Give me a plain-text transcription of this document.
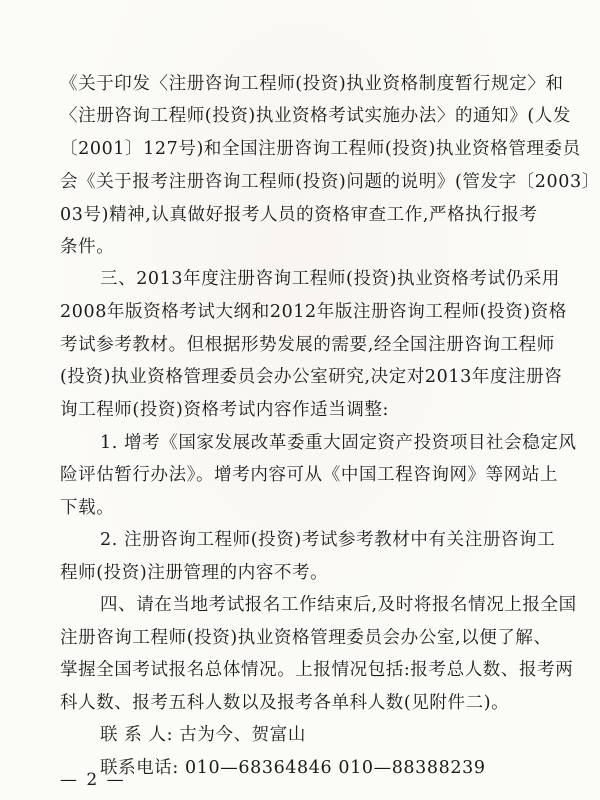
《关于印发〈注册咨询工程师(投资)执业资格制度暂行规定〉和
〈注册咨询工程师(投资)执业资格考试实施办法〉的通知》(人发
〔2001〕127号)和全国注册咨询工程师(投资)执业资格管理委员
会《关于报考注册咨询工程师(投资)问题的说明》(管发字〔2003〕
03号)精神,认真做好报考人员的资格审查工作,严格执行报考
条件。
三、2013年度注册咨询工程师(投资)执业资格考试仍采用
2008年版资格考试大纲和2012年版注册咨询工程师(投资)资格
考试参考教材。但根据形势发展的需要,经全国注册咨询工程师
(投资)执业资格管理委员会办公室研究,决定对2013年度注册咨
询工程师(投资)资格考试内容作适当调整:
1. 增考《国家发展改革委重大固定资产投资项目社会稳定风
险评估暂行办法》。增考内容可从《中国工程咨询网》等网站上
下载。
2. 注册咨询工程师(投资)考试参考教材中有关注册咨询工
程师(投资)注册管理的内容不考。
四、请在当地考试报名工作结束后,及时将报名情况上报全国
注册咨询工程师(投资)执业资格管理委员会办公室,以便了解、
掌握全国考试报名总体情况。上报情况包括:报考总人数、报考两
科人数、报考五科人数以及报考各单科人数(见附件二)。
联 系 人: 古为今、贺富山
联系电话: 010—68364846 010—88388239
— 2 —
